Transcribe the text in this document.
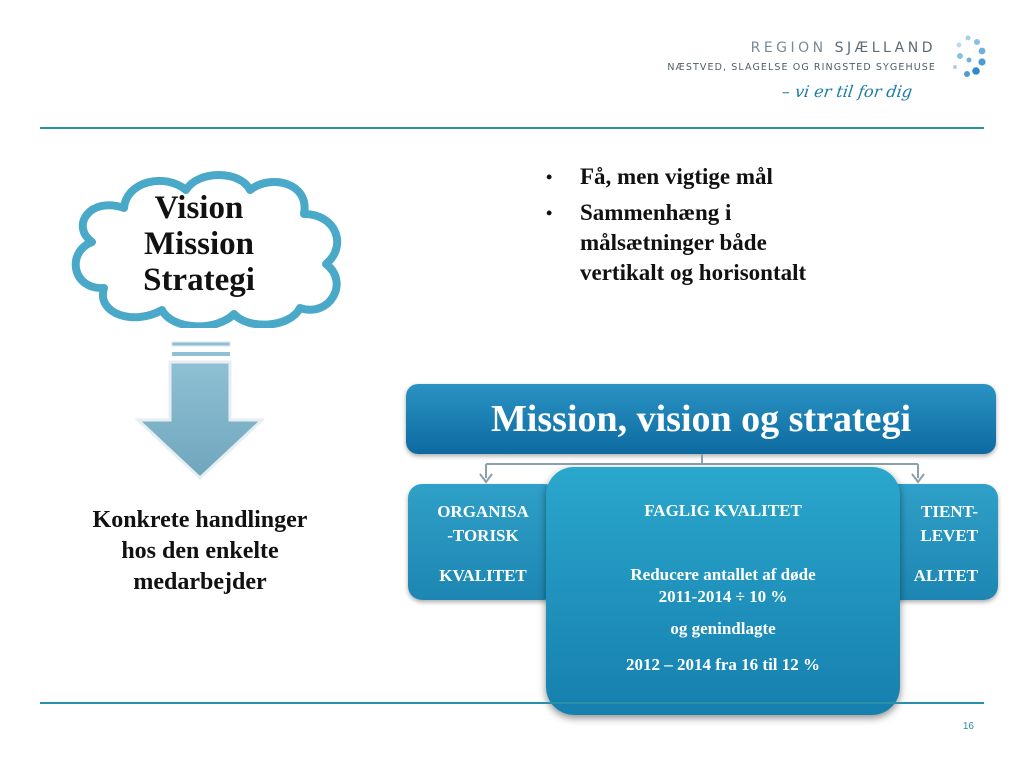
REGION SJÆLLAND
NÆSTVED, SLAGELSE OG RINGSTED SYGEHUSE
– vi er til for dig
Vision
Mission
Strategi
Konkrete handlinger
hos den enkelte
medarbejder
• Få, men vigtige mål
• Sammenhæng i
målsætninger både
vertikalt og horisontalt
Mission, vision og strategi
ORGANISA
-TORISK
KVALITET
TIENT-
LEVET
ALITET
FAGLIG KVALITET
Reducere antallet af døde
2011-2014 ÷ 10 %
og genindlagte
2012 – 2014 fra 16 til 12 %
16
